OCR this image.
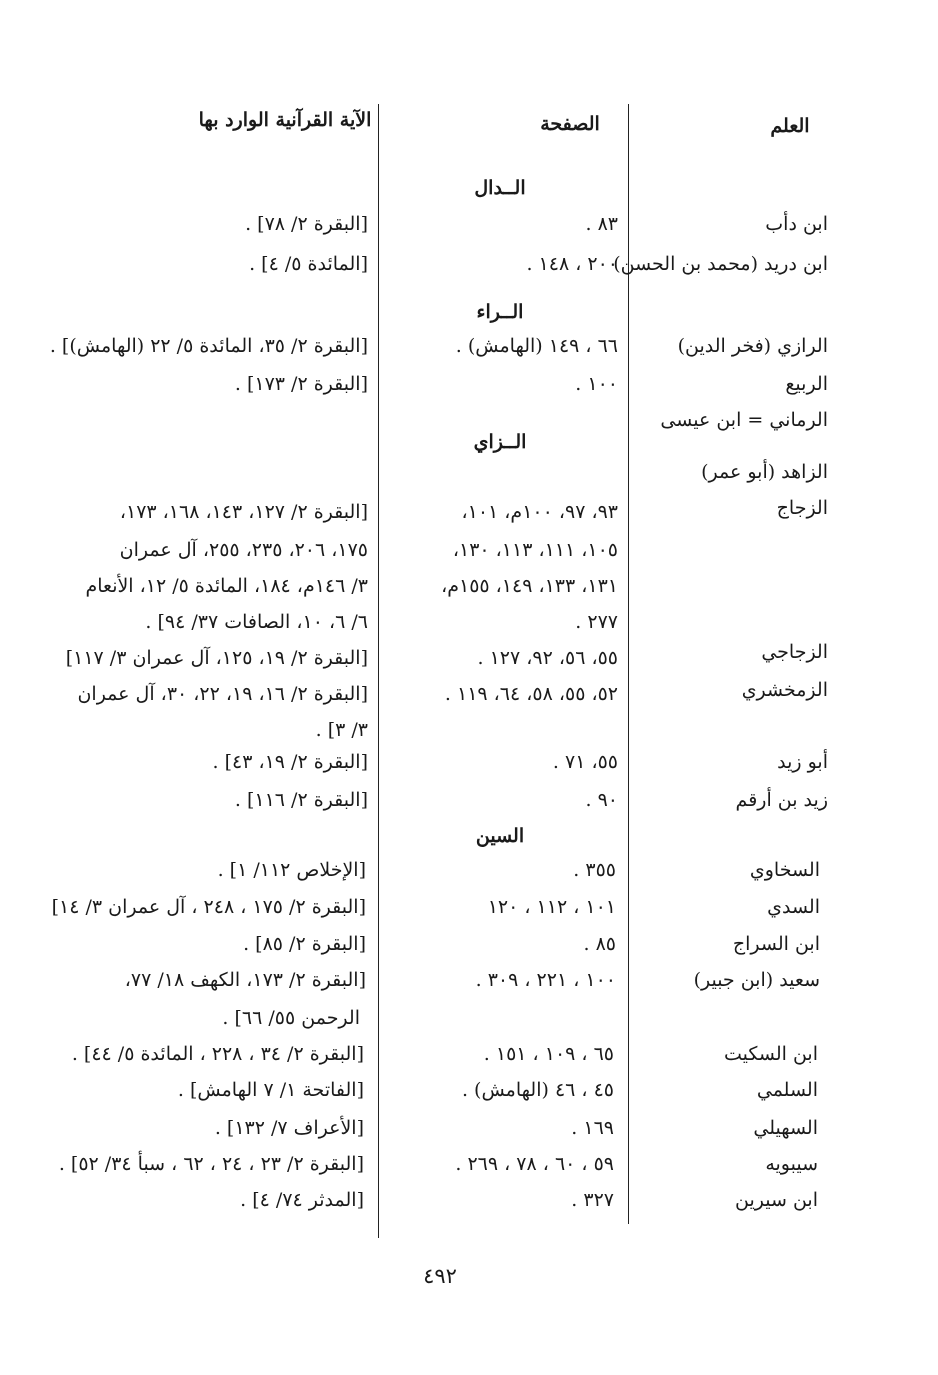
العلم
الصفحة
الآية القرآنية الوارد بها
الــدال
الــراء
الــزاي
السين
ابن دأب
ابن دريد (محمد بن الحسن)
الرازي (فخر الدين)
الربيع
الرماني = ابن عيسى
الزاهد (أبو عمر)
الزجاج
الزجاجي
الزمخشري
أبو زيد
زيد بن أرقم
السخاوي
السدي
ابن السراج
سعيد (ابن جبير)
ابن السكيت
السلمي
السهيلي
سيبويه
ابن سيرين
٨٣ .
٢٠٠ ، ١٤٨ .
٦٦ ، ١٤٩ (الهامش) .
١٠٠ .
٩٣، ٩٧، ١٠٠م، ١٠١،
١٠٥، ١١١، ١١٣، ١٣٠،
١٣١، ١٣٣، ١٤٩، ١٥٥م،
٢٧٧ .
٥٥، ٥٦، ٩٢، ١٢٧ .
٥٢، ٥٥، ٥٨، ٦٤، ١١٩ .
٥٥، ٧١ .
٩٠ .
٣٥٥ .
١٠١ ، ١١٢ ، ١٢٠
٨٥ .
١٠٠ ، ٢٢١ ، ٣٠٩ .
٦٥ ، ١٠٩ ، ١٥١ .
٤٥ ، ٤٦ (الهامش) .
١٦٩ .
٥٩ ، ٦٠ ، ٧٨ ، ٢٦٩ .
٣٢٧ .
[البقرة ٢/ ٧٨] .
[المائدة ٥/ ٤] .
[البقرة ٢/ ٣٥، المائدة ٥/ ٢٢ (الهامش)] .
[البقرة ٢/ ١٧٣] .
[البقرة ٢/ ١٢٧، ١٤٣، ١٦٨، ١٧٣،
١٧٥، ٢٠٦، ٢٣٥، ٢٥٥، آل عمران
٣/ ١٤٦م، ١٨٤، المائدة ٥/ ١٢، الأنعام
٦/ ٦، ١٠، الصافات ٣٧/ ٩٤] .
[البقرة ٢/ ١٩، ١٢٥، آل عمران ٣/ ١١٧]
[البقرة ٢/ ١٦، ١٩، ٢٢، ٣٠، آل عمران
٣/ ٣] .
[البقرة ٢/ ١٩، ٤٣] .
[البقرة ٢/ ١١٦] .
[الإخلاص ١١٢/ ١] .
[البقرة ٢/ ١٧٥ ، ٢٤٨ ، آل عمران ٣/ ١٤]
[البقرة ٢/ ٨٥] .
[البقرة ٢/ ١٧٣، الكهف ١٨/ ٧٧،
الرحمن ٥٥/ ٦٦] .
[البقرة ٢/ ٣٤ ، ٢٢٨ ، المائدة ٥/ ٤٤] .
[الفاتحة ١/ ٧ الهامش] .
[الأعراف ٧/ ١٣٢] .
[البقرة ٢/ ٢٣ ، ٢٤ ، ٦٢ ، سبأ ٣٤/ ٥٢] .
[المدثر ٧٤/ ٤] .
٤٩٢
